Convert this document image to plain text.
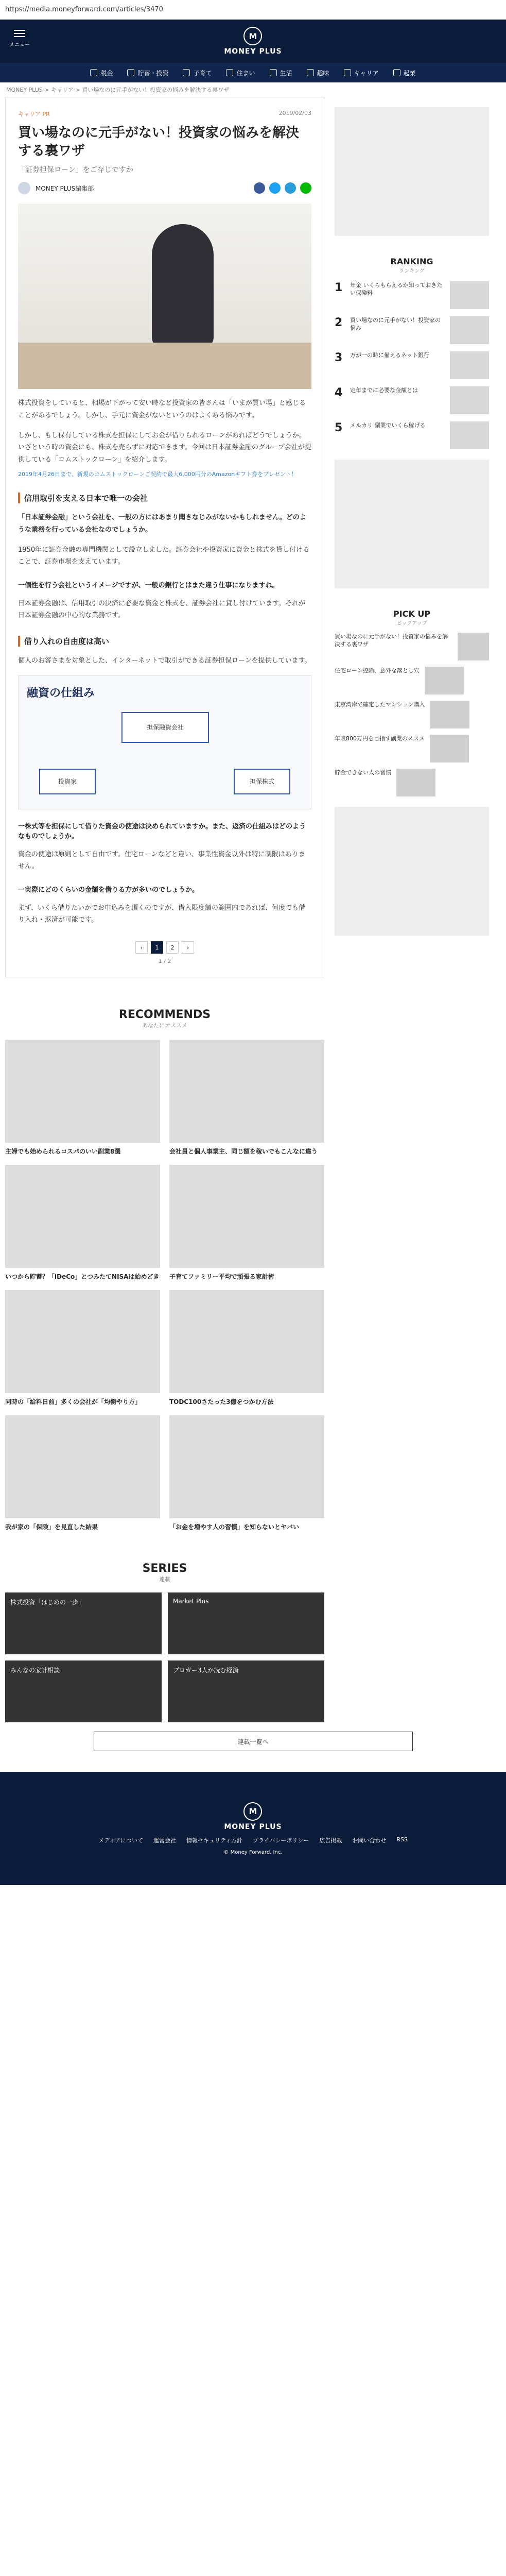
https://media.moneyforward.com/articles/3470
メニュー
M
MONEY PLUS
税金	貯蓄・投資	子育て	住まい	生活	趣味	キャリア	起業
MONEY PLUS > キャリア > 買い場なのに元手がない！投資家の悩みを解決する裏ワザ
キャリア PR	2019/02/03
買い場なのに元手がない！投資家の悩みを解決する裏ワザ
「証券担保ローン」をご存じですか
MONEY PLUS編集部

株式投資をしていると、相場が下がって安い時など投資家の皆さんは「いまが買い場」と感じることがあるでしょう。しかし、手元に資金がないというのはよくある悩みです。

しかし、もし保有している株式を担保にしてお金が借りられるローンがあればどうでしょうか。いざという時の資金にも、株式を売らずに対応できます。今回は日本証券金融のグループ会社が提供している「コムストックローン」を紹介します。

2019年4月26日まで、新規のコムストックローンご契約で最大6,000円分のAmazonギフト券をプレゼント！

信用取引を支える日本で唯一の会社

「日本証券金融」という会社を、一般の方にはあまり聞きなじみがないかもしれません。どのような業務を行っている会社なのでしょうか。

1950年に証券金融の専門機関として設立しました。証券会社や投資家に資金と株式を貸し付けることで、証券市場を支えています。

一個性を行う会社というイメージですが、一般の銀行とはまた違う仕事になりますね。

日本証券金融は、信用取引の決済に必要な資金と株式を、証券会社に貸し付けています。それが日本証券金融の中心的な業務です。

借り入れの自由度は高い

個人のお客さまを対象とした、インターネットで取引ができる証券担保ローンを提供しています。

融資の仕組み
担保融資会社
投資家	担保株式
一株式等を担保にして借りた資金の使途は決められていますか。また、返済の仕組みはどのようなものでしょうか。

資金の使途は原則として自由です。住宅ローンなどと違い、事業性資金以外は特に制限はありません。

一実際にどのくらいの金額を借りる方が多いのでしょうか。

まず、いくら借りたいかでお申込みを頂くのですが、借入限度額の範囲内であれば、何度でも借り入れ・返済が可能です。

‹	1	2	›
1 / 2
RANKING
ランキング
1	年金 いくらもらえるか知っておきたい保険料
2	買い場なのに元手がない！投資家の悩み
3	万が一の時に備えるネット銀行
4	定年までに必要な金額とは
5	メルカリ 副業でいくら稼げる
PICK UP
ピックアップ
買い場なのに元手がない！投資家の悩みを解決する裏ワザ
住宅ローン控除、意外な落とし穴
東京湾岸で確定したマンション購入
年収800万円を目指す副業のススメ
貯金できない人の習慣
RECOMMENDS
あなたにオススメ
主婦でも始められるコスパのいい副業8選	会社員と個人事業主、同じ額を稼いでもこんなに違う
いつから貯蓄？「iDeCo」とつみたてNISAは始めどき 子育てファミリー平均で頑張る家計術
同時の「給料日前」多くの会社が「均衡やり方」	TODC100さたった3億をつかむ方法
我が家の「保険」を見直した結果	「お金を増やす人の習慣」を知らないとヤバい
SERIES
連載
株式投資「はじめの一歩」	Market Plus
みんなの家計相談	ブロガー3人が読む経済
連載一覧へ
M
MONEY PLUS
メディアについて 運営会社 情報セキュリティ方針 プライバシーポリシー 広告掲載 お問い合わせ RSS
© Money Forward, Inc.
